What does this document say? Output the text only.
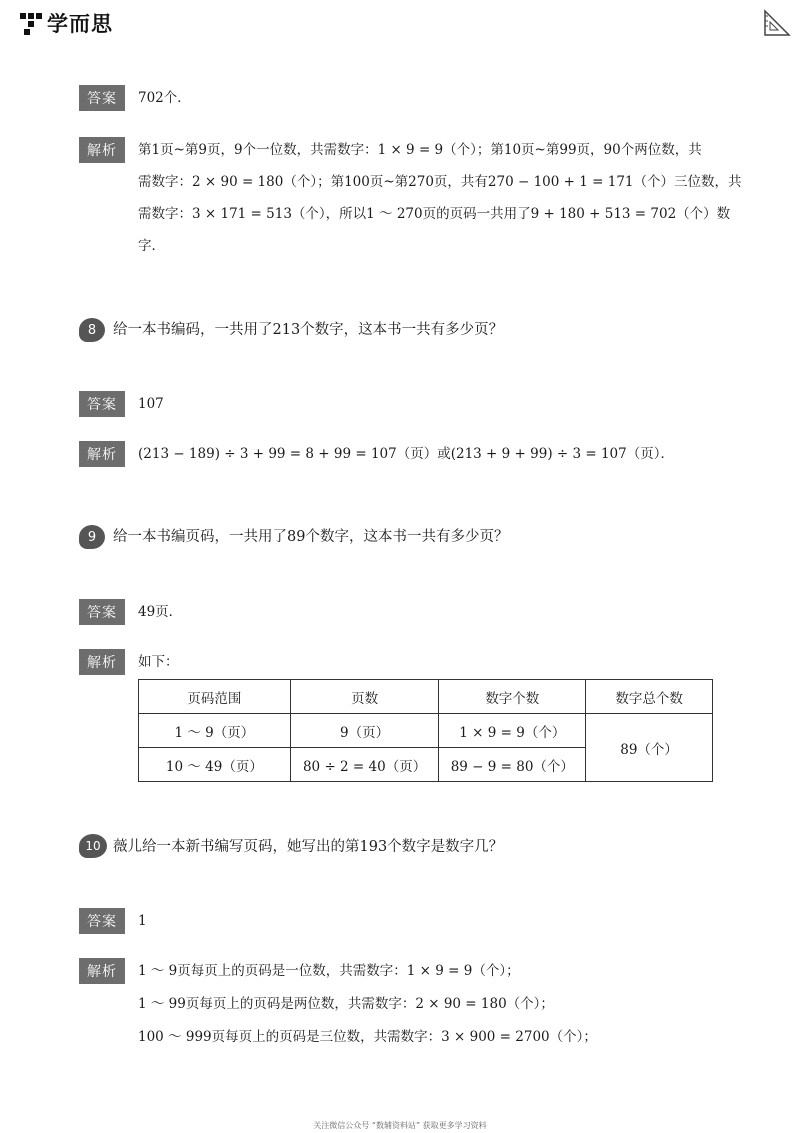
学而思
答案	702个．
解析	第1页~第9页，9个一位数，共需数字：1 × 9 = 9（个）；第10页~第99页，90个两位数，共
需数字：2 × 90 = 180（个）；第100页~第270页，共有270 − 100 + 1 = 171（个）三位数，共
需数字：3 × 171 = 513（个），所以1 ～ 270页的页码一共用了9 + 180 + 513 = 702（个）数
字．
8	给一本书编码，一共用了213个数字，这本书一共有多少页？
答案	107
解析	(213 − 189) ÷ 3 + 99 = 8 + 99 = 107（页）或(213 + 9 + 99) ÷ 3 = 107（页）．
9	给一本书编页码，一共用了89个数字，这本书一共有多少页？
答案	49页．
解析	如下：
页码范围	页数	数字个数	数字总个数
1 ～ 9（页）	9（页）	1 × 9 = 9（个）	89（个）
10 ～ 49（页）	80 ÷ 2 = 40（页）	89 − 9 = 80（个）	
10 薇儿给一本新书编写页码，她写出的第193个数字是数字几？
答案	1
解析	1 ～ 9页每页上的页码是一位数，共需数字：1 × 9 = 9（个）；
1 ～ 99页每页上的页码是两位数，共需数字：2 × 90 = 180（个）；
100 ～ 999页每页上的页码是三位数，共需数字：3 × 900 = 2700（个）；
关注微信公众号 “数辅资料站” 获取更多学习资料
